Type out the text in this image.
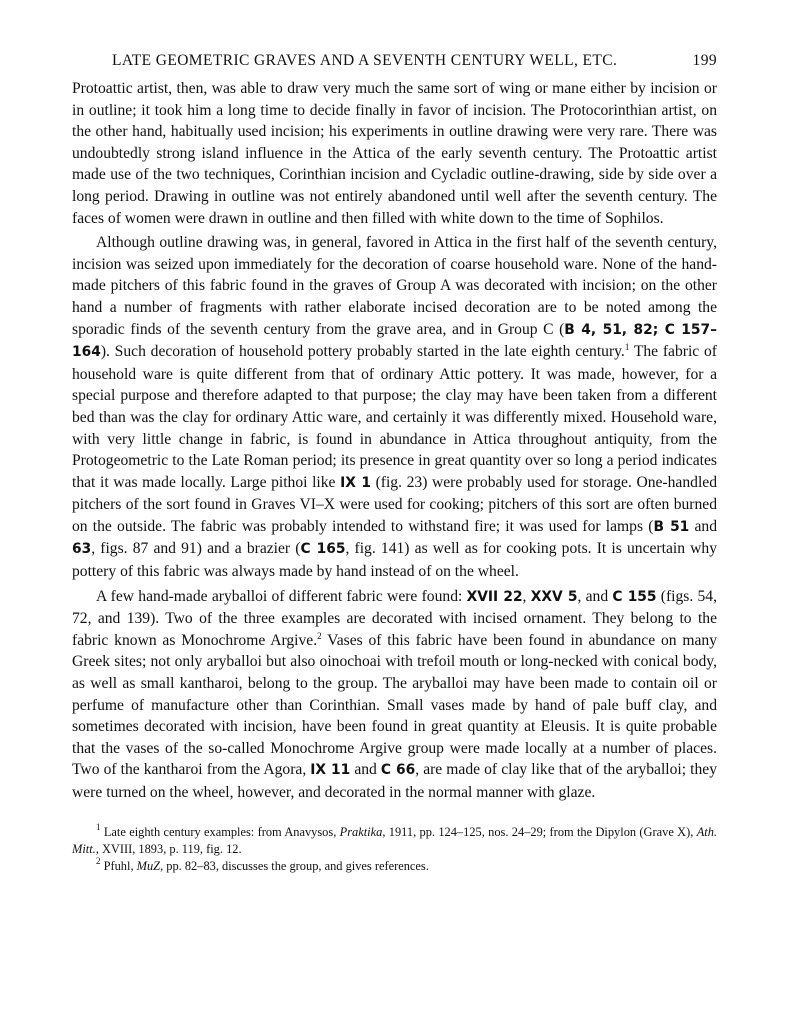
LATE GEOMETRIC GRAVES AND A SEVENTH CENTURY WELL, ETC.	199

Protoattic artist, then, was able to draw very much the same sort of wing or mane either by incision or in outline; it took him a long time to decide finally in favor of incision. The Protocorinthian artist, on the other hand, habitually used incision; his experiments in outline drawing were very rare. There was undoubtedly strong island influence in the Attica of the early seventh century. The Protoattic artist made use of the two techniques, Corinthian incision and Cycladic outline-drawing, side by side over a long period. Drawing in outline was not entirely abandoned until well after the seventh century. The faces of women were drawn in outline and then filled with white down to the time of Sophilos.

Although outline drawing was, in general, favored in Attica in the first half of the seventh century, incision was seized upon immediately for the decoration of coarse household ware. None of the hand-made pitchers of this fabric found in the graves of Group A was decorated with incision; on the other hand a number of fragments with rather elaborate incised decoration are to be noted among the sporadic finds of the seventh century from the grave area, and in Group C (B 4, 51, 82; C 157–164). Such decoration of household pottery probably started in the late eighth century.$^1$ The fabric of household ware is quite different from that of ordinary Attic pottery. It was made, however, for a special purpose and therefore adapted to that purpose; the clay may have been taken from a different bed than was the clay for ordinary Attic ware, and certainly it was differently mixed. Household ware, with very little change in fabric, is found in abundance in Attica throughout antiquity, from the Protogeometric to the Late Roman period; its presence in great quantity over so long a period indicates that it was made locally. Large pithoi like IX 1 (fig. 23) were probably used for storage. One-handled pitchers of the sort found in Graves VI–X were used for cooking; pitchers of this sort are often burned on the outside. The fabric was probably intended to withstand fire; it was used for lamps (B 51 and 63, figs. 87 and 91) and a brazier (C 165, fig. 141) as well as for cooking pots. It is uncertain why pottery of this fabric was always made by hand instead of on the wheel.

A few hand-made aryballoi of different fabric were found: XVII 22, XXV 5, and C 155 (figs. 54, 72, and 139). Two of the three examples are decorated with incised ornament. They belong to the fabric known as Monochrome Argive.$^2$ Vases of this fabric have been found in abundance on many Greek sites; not only aryballoi but also oinochoai with trefoil mouth or long-necked with conical body, as well as small kantharoi, belong to the group. The aryballoi may have been made to contain oil or perfume of manufacture other than Corinthian. Small vases made by hand of pale buff clay, and sometimes decorated with incision, have been found in great quantity at Eleusis. It is quite probable that the vases of the so-called Monochrome Argive group were made locally at a number of places. Two of the kantharoi from the Agora, IX 11 and C 66, are made of clay like that of the aryballoi; they were turned on the wheel, however, and decorated in the normal manner with glaze.

$^1$ Late eighth century examples: from Anavysos, Praktika, 1911, pp. 124–125, nos. 24–29; from the Dipylon (Grave X), Ath. Mitt., XVIII, 1893, p. 119, fig. 12.

$^2$ Pfuhl, MuZ, pp. 82–83, discusses the group, and gives references.
